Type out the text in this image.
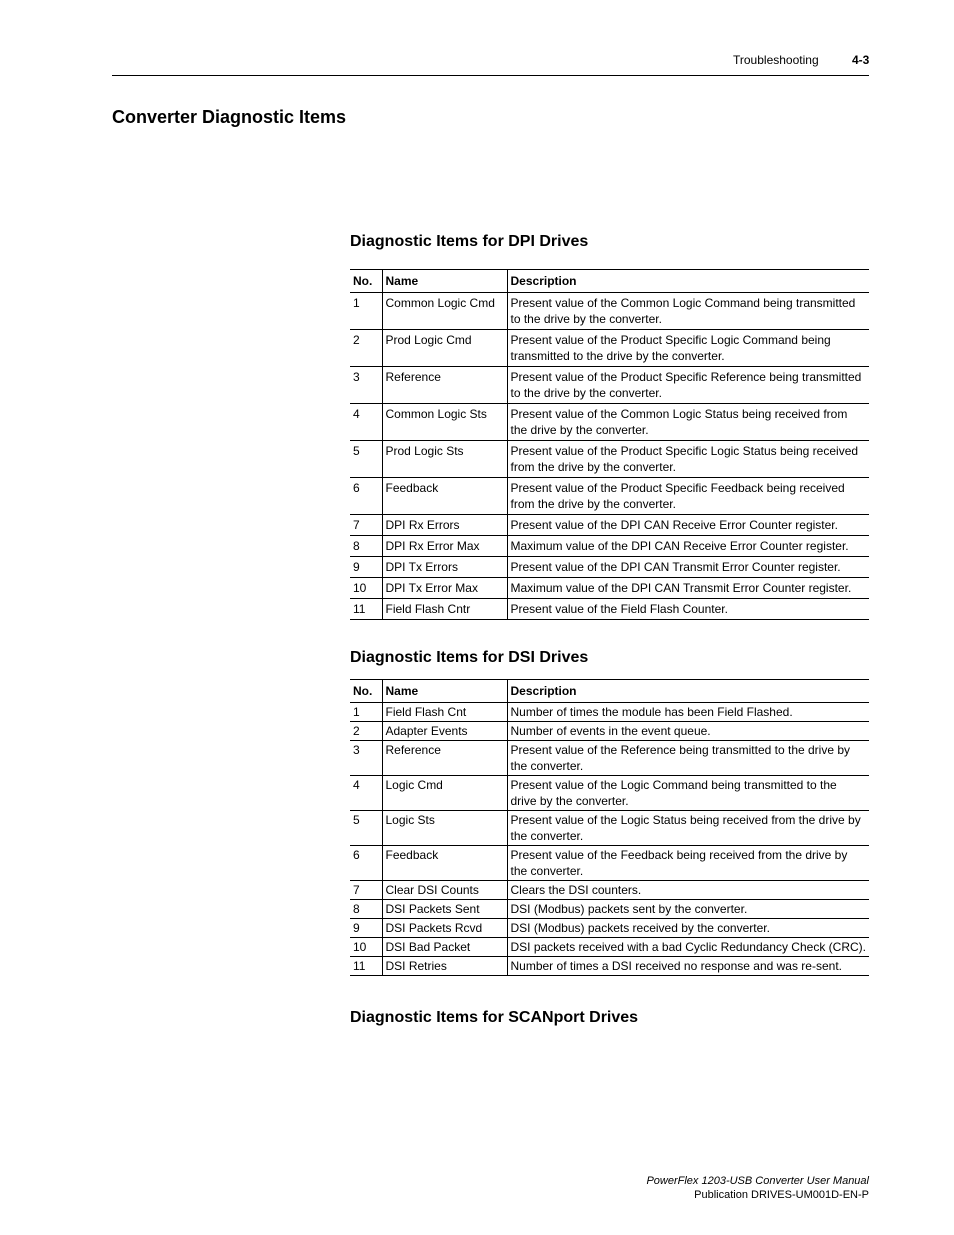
Troubleshooting	4-3
Converter Diagnostic Items
Diagnostic Items for DPI Drives
No.	Name	Description
1	Common Logic Cmd	Present value of the Common Logic Command being transmitted to the drive by the converter.
2	Prod Logic Cmd	Present value of the Product Specific Logic Command being transmitted to the drive by the converter.
3	Reference	Present value of the Product Specific Reference being transmitted to the drive by the converter.
4	Common Logic Sts	Present value of the Common Logic Status being received from the drive by the converter.
5	Prod Logic Sts	Present value of the Product Specific Logic Status being received from the drive by the converter.
6	Feedback	Present value of the Product Specific Feedback being received from the drive by the converter.
7	DPI Rx Errors	Present value of the DPI CAN Receive Error Counter register.
8	DPI Rx Error Max	Maximum value of the DPI CAN Receive Error Counter register.
9	DPI Tx Errors	Present value of the DPI CAN Transmit Error Counter register.
10	DPI Tx Error Max	Maximum value of the DPI CAN Transmit Error Counter register.
11	Field Flash Cntr	Present value of the Field Flash Counter.
Diagnostic Items for DSI Drives
No.	Name	Description
1	Field Flash Cnt	Number of times the module has been Field Flashed.
2	Adapter Events	Number of events in the event queue.
3	Reference	Present value of the Reference being transmitted to the drive by the converter.
4	Logic Cmd	Present value of the Logic Command being transmitted to the drive by the converter.
5	Logic Sts	Present value of the Logic Status being received from the drive by the converter.
6	Feedback	Present value of the Feedback being received from the drive by the converter.
7	Clear DSI Counts	Clears the DSI counters.
8	DSI Packets Sent	DSI (Modbus) packets sent by the converter.
9	DSI Packets Rcvd	DSI (Modbus) packets received by the converter.
10	DSI Bad Packet	DSI packets received with a bad Cyclic Redundancy Check (CRC).
11	DSI Retries	Number of times a DSI received no response and was re-sent.
Diagnostic Items for SCANport Drives
PowerFlex 1203-USB Converter User Manual
Publication DRIVES-UM001D-EN-P
